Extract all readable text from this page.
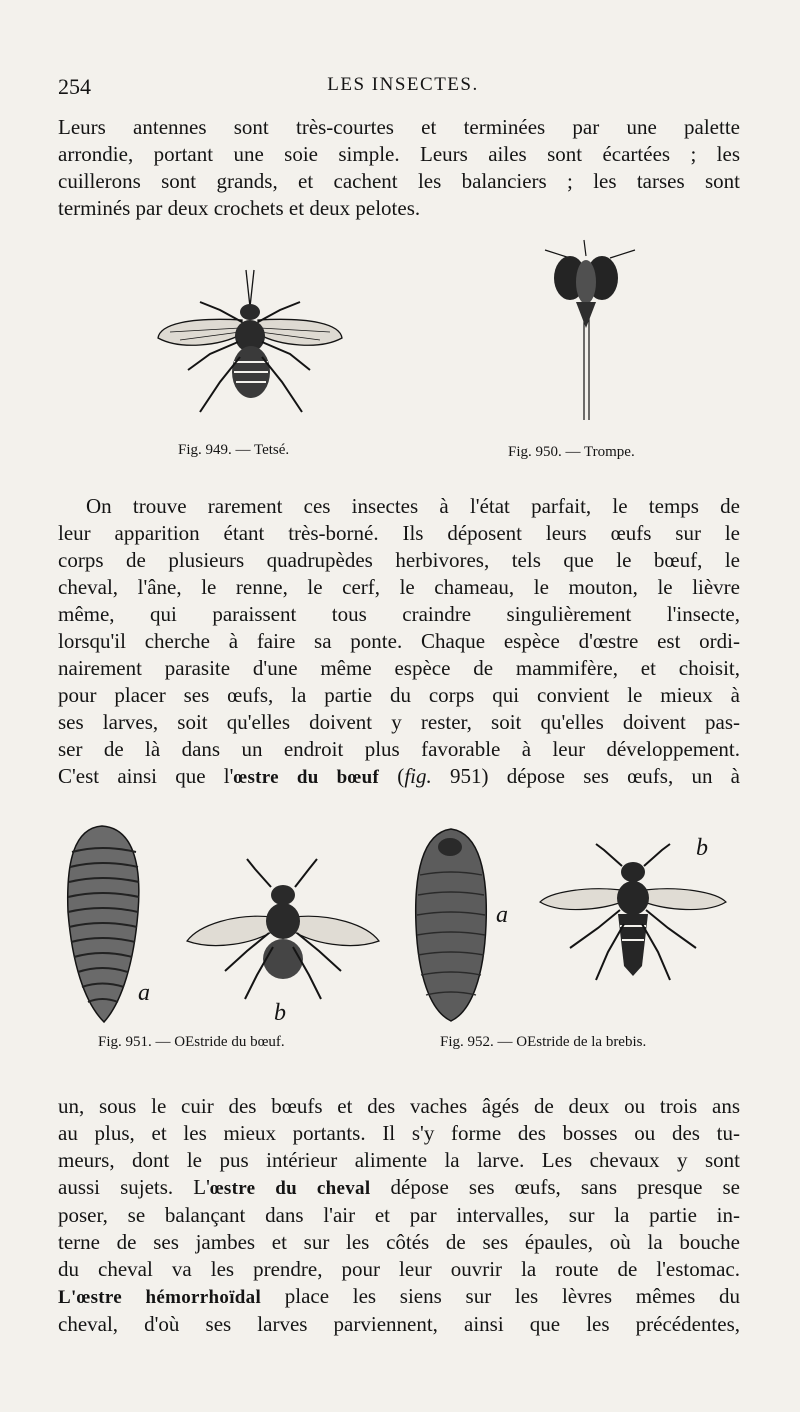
254	LES INSECTES.
Leurs antennes sont très-courtes et terminées par une palette
arrondie, portant une soie simple. Leurs ailes sont écartées ; les
cuillerons sont grands, et cachent les balanciers ; les tarses sont
terminés par deux crochets et deux pelotes.
Fig. 949. — Tetsé.	Fig. 950. — Trompe.
On trouve rarement ces insectes à l'état parfait, le temps de
leur apparition étant très-borné. Ils déposent leurs œufs sur le
corps de plusieurs quadrupèdes herbivores, tels que le bœuf, le
cheval, l'âne, le renne, le cerf, le chameau, le mouton, le lièvre
même, qui paraissent tous craindre singulièrement l'insecte,
lorsqu'il cherche à faire sa ponte. Chaque espèce d'œstre est ordi-
nairement parasite d'une même espèce de mammifère, et choisit,
pour placer ses œufs, la partie du corps qui convient le mieux à
ses larves, soit qu'elles doivent y rester, soit qu'elles doivent pas-
ser de là dans un endroit plus favorable à leur développement.
C'est ainsi que l'œstre du bœuf (fig. 951) dépose ses œufs, un à
a
b
Fig. 951. — OEstride du bœuf.
a
b
Fig. 952. — OEstride de la brebis.
un, sous le cuir des bœufs et des vaches âgés de deux ou trois ans
au plus, et les mieux portants. Il s'y forme des bosses ou des tu-
meurs, dont le pus intérieur alimente la larve. Les chevaux y sont
aussi sujets. L'œstre du cheval dépose ses œufs, sans presque se
poser, se balançant dans l'air et par intervalles, sur la partie in-
terne de ses jambes et sur les côtés de ses épaules, où la bouche
du cheval va les prendre, pour leur ouvrir la route de l'estomac.
L'œstre hémorrhoïdal place les siens sur les lèvres mêmes du
cheval, d'où ses larves parviennent, ainsi que les précédentes,
